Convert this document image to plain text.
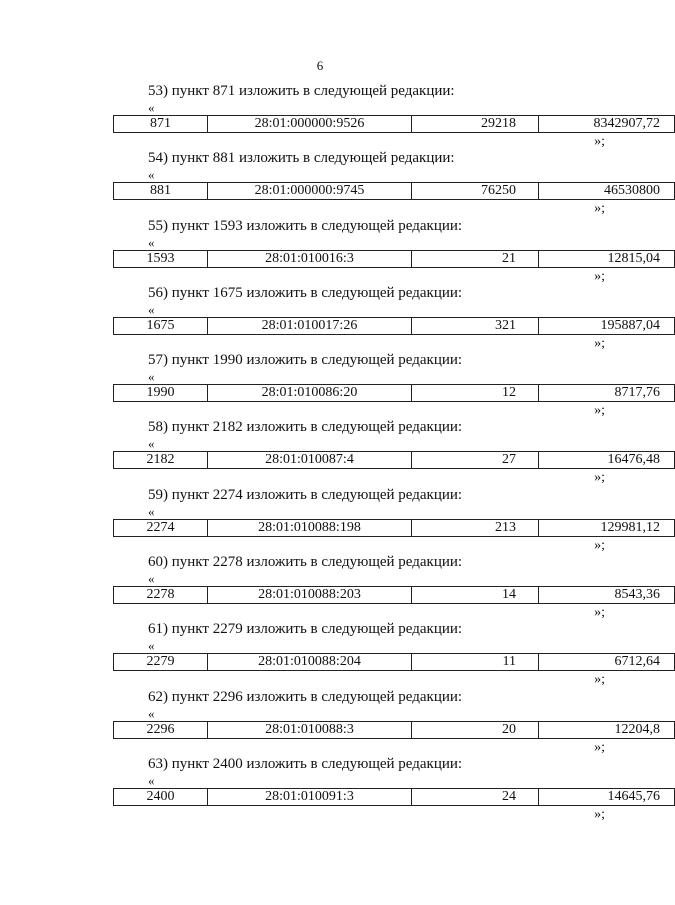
6
53) пункт 871 изложить в следующей редакции:
«
871	28:01:000000:9526	29218	8342907,72
»;
54) пункт 881 изложить в следующей редакции:
«
881	28:01:000000:9745	76250	46530800
»;
55) пункт 1593 изложить в следующей редакции:
«
1593	28:01:010016:3	21	12815,04
»;
56) пункт 1675 изложить в следующей редакции:
«
1675	28:01:010017:26	321	195887,04
»;
57) пункт 1990 изложить в следующей редакции:
«
1990	28:01:010086:20	12	8717,76
»;
58) пункт 2182 изложить в следующей редакции:
«
2182	28:01:010087:4	27	16476,48
»;
59) пункт 2274 изложить в следующей редакции:
«
2274	28:01:010088:198	213	129981,12
»;
60) пункт 2278 изложить в следующей редакции:
«
2278	28:01:010088:203	14	8543,36
»;
61) пункт 2279 изложить в следующей редакции:
«
2279	28:01:010088:204	11	6712,64
»;
62) пункт 2296 изложить в следующей редакции:
«
2296	28:01:010088:3	20	12204,8
»;
63) пункт 2400 изложить в следующей редакции:
«
2400	28:01:010091:3	24	14645,76
»;
